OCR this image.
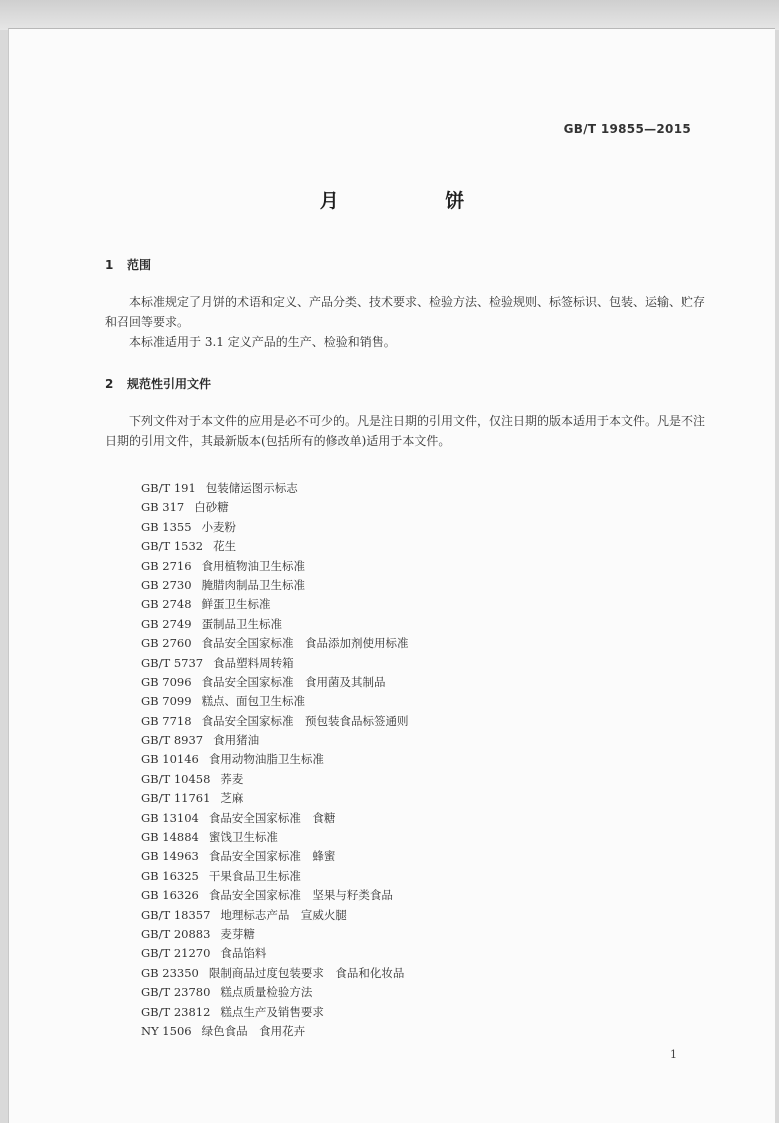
GB/T 19855—2015
月 饼
1 范围
本标准规定了月饼的术语和定义、产品分类、技术要求、检验方法、检验规则、标签标识、包装、运输、贮存和召回等要求。
本标准适用于 3.1 定义产品的生产、检验和销售。
2 规范性引用文件
下列文件对于本文件的应用是必不可少的。凡是注日期的引用文件，仅注日期的版本适用于本文件。凡是不注日期的引用文件，其最新版本(包括所有的修改单)适用于本文件。
GB/T 191 包装储运图示标志
GB 317 白砂糖
GB 1355 小麦粉
GB/T 1532 花生
GB 2716 食用植物油卫生标准
GB 2730 腌腊肉制品卫生标准
GB 2748 鲜蛋卫生标准
GB 2749 蛋制品卫生标准
GB 2760 食品安全国家标准　食品添加剂使用标准
GB/T 5737 食品塑料周转箱
GB 7096 食品安全国家标准　食用菌及其制品
GB 7099 糕点、面包卫生标准
GB 7718 食品安全国家标准　预包装食品标签通则
GB/T 8937 食用猪油
GB 10146 食用动物油脂卫生标准
GB/T 10458 荞麦
GB/T 11761 芝麻
GB 13104 食品安全国家标准　食糖
GB 14884 蜜饯卫生标准
GB 14963 食品安全国家标准　蜂蜜
GB 16325 干果食品卫生标准
GB 16326 食品安全国家标准　坚果与籽类食品
GB/T 18357 地理标志产品　宣威火腿
GB/T 20883 麦芽糖
GB/T 21270 食品馅料
GB 23350 限制商品过度包装要求　食品和化妆品
GB/T 23780 糕点质量检验方法
GB/T 23812 糕点生产及销售要求
NY 1506 绿色食品　食用花卉
1
